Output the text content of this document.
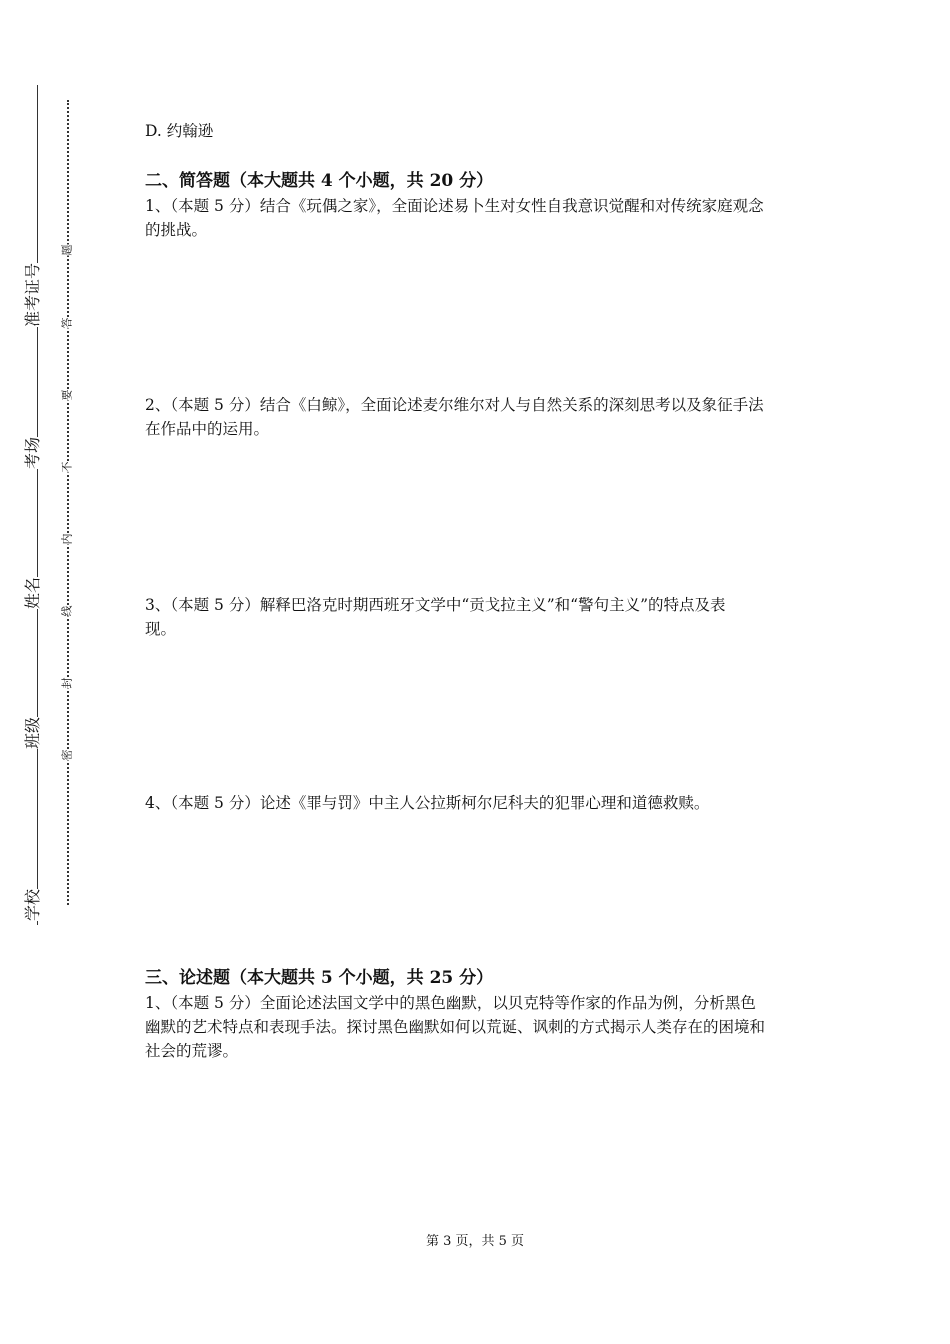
准考证号
考场
姓名
班级
学校
题
答
要
不
内
线
封
密
D. 约翰逊
二、简答题（本大题共 4 个小题，共 20 分）
1、（本题 5 分）结合《玩偶之家》，全面论述易卜生对女性自我意识觉醒和对传统家庭观念
的挑战。
2、（本题 5 分）结合《白鲸》，全面论述麦尔维尔对人与自然关系的深刻思考以及象征手法
在作品中的运用。
3、（本题 5 分）解释巴洛克时期西班牙文学中“贡戈拉主义”和“警句主义”的特点及表
现。
4、（本题 5 分）论述《罪与罚》中主人公拉斯柯尔尼科夫的犯罪心理和道德救赎。
三、论述题（本大题共 5 个小题，共 25 分）
1、（本题 5 分）全面论述法国文学中的黑色幽默，以贝克特等作家的作品为例，分析黑色
幽默的艺术特点和表现手法。探讨黑色幽默如何以荒诞、讽刺的方式揭示人类存在的困境和
社会的荒谬。
第 3 页，共 5 页
